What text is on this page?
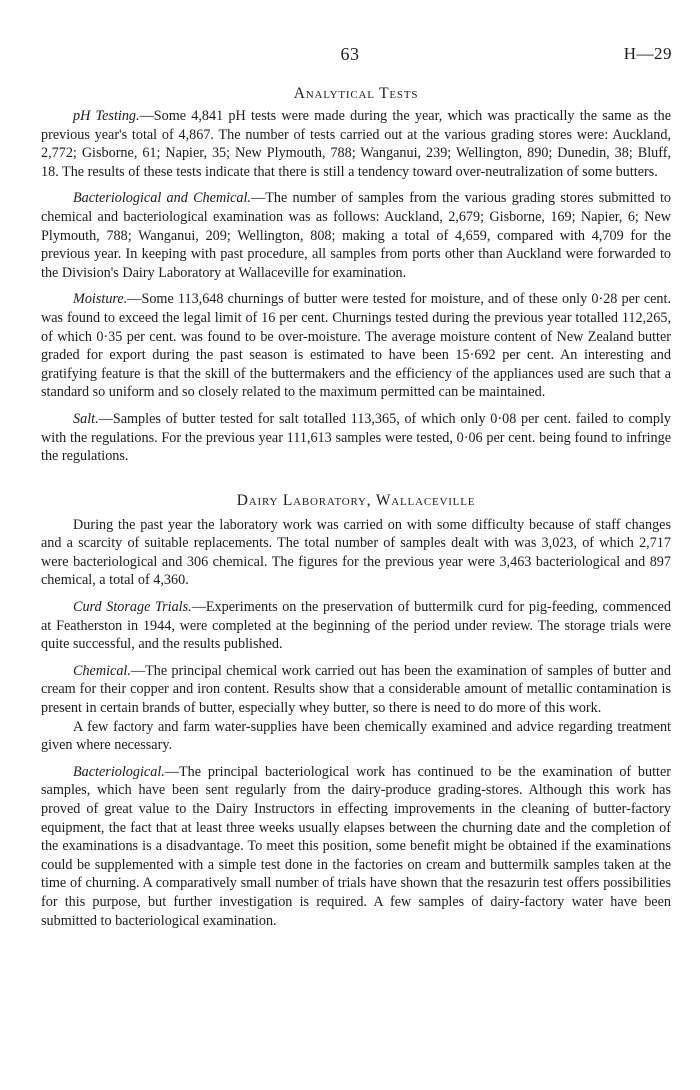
63	H—29
Analytical Tests

pH Testing.—Some 4,841 pH tests were made during the year, which was practically the same as the previous year's total of 4,867. The number of tests carried out at the various grading stores were: Auckland, 2,772; Gisborne, 61; Napier, 35; New Plymouth, 788; Wanganui, 239; Wellington, 890; Dunedin, 38; Bluff, 18. The results of these tests indicate that there is still a tendency toward over-neutralization of some butters.

Bacteriological and Chemical.—The number of samples from the various grading stores submitted to chemical and bacteriological examination was as follows: Auckland, 2,679; Gisborne, 169; Napier, 6; New Plymouth, 788; Wanganui, 209; Wellington, 808; making a total of 4,659, compared with 4,709 for the previous year. In keeping with past procedure, all samples from ports other than Auckland were forwarded to the Division's Dairy Laboratory at Wallaceville for examination.

Moisture.—Some 113,648 churnings of butter were tested for moisture, and of these only 0·28 per cent. was found to exceed the legal limit of 16 per cent. Churnings tested during the previous year totalled 112,265, of which 0·35 per cent. was found to be over-moisture. The average moisture content of New Zealand butter graded for export during the past season is estimated to have been 15·692 per cent. An interesting and gratifying feature is that the skill of the buttermakers and the efficiency of the appliances used are such that a standard so uniform and so closely related to the maximum permitted can be maintained.

Salt.—Samples of butter tested for salt totalled 113,365, of which only 0·08 per cent. failed to comply with the regulations. For the previous year 111,613 samples were tested, 0·06 per cent. being found to infringe the regulations.

Dairy Laboratory, Wallaceville

During the past year the laboratory work was carried on with some difficulty because of staff changes and a scarcity of suitable replacements. The total number of samples dealt with was 3,023, of which 2,717 were bacteriological and 306 chemical. The figures for the previous year were 3,463 bacteriological and 897 chemical, a total of 4,360.

Curd Storage Trials.—Experiments on the preservation of buttermilk curd for pig-feeding, commenced at Featherston in 1944, were completed at the beginning of the period under review. The storage trials were quite successful, and the results published.

Chemical.—The principal chemical work carried out has been the examination of samples of butter and cream for their copper and iron content. Results show that a considerable amount of metallic contamination is present in certain brands of butter, especially whey butter, so there is need to do more of this work.

A few factory and farm water-supplies have been chemically examined and advice regarding treatment given where necessary.

Bacteriological.—The principal bacteriological work has continued to be the examination of butter samples, which have been sent regularly from the dairy-produce grading-stores. Although this work has proved of great value to the Dairy Instructors in effecting improvements in the cleaning of butter-factory equipment, the fact that at least three weeks usually elapses between the churning date and the completion of the examinations is a disadvantage. To meet this position, some benefit might be obtained if the examinations could be supplemented with a simple test done in the factories on cream and buttermilk samples taken at the time of churning. A comparatively small number of trials have shown that the resazurin test offers possibilities for this purpose, but further investigation is required. A few samples of dairy-factory water have been submitted to bacteriological examination.
